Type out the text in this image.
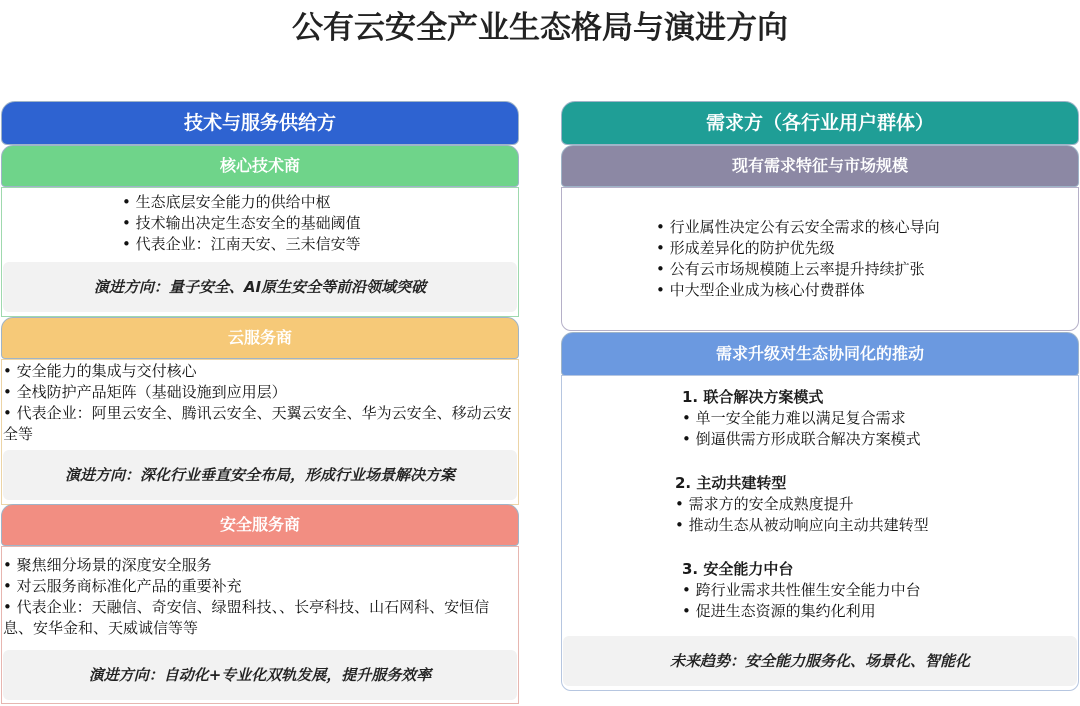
公有云安全产业生态格局与演进方向
技术与服务供给方
核心技术商
• 生态底层安全能力的供给中枢
• 技术输出决定生态安全的基础阈值
• 代表企业：江南天安、三未信安等
演进方向：量子安全、AI原生安全等前沿领域突破
云服务商
• 安全能力的集成与交付核心
• 全栈防护产品矩阵（基础设施到应用层）
• 代表企业：阿里云安全、腾讯云安全、天翼云安全、华为云安全、移动云安全等
演进方向：深化行业垂直安全布局，形成行业场景解决方案
安全服务商
• 聚焦细分场景的深度安全服务
• 对云服务商标准化产品的重要补充
• 代表企业：天融信、奇安信、绿盟科技、、长亭科技、山石网科、安恒信息、安华金和、天威诚信等等
演进方向：自动化+专业化双轨发展，提升服务效率
需求方（各行业用户群体）
现有需求特征与市场规模
• 行业属性决定公有云安全需求的核心导向
• 形成差异化的防护优先级
• 公有云市场规模随上云率提升持续扩张
• 中大型企业成为核心付费群体
需求升级对生态协同化的推动
1. 联合解决方案模式
• 单一安全能力难以满足复合需求
• 倒逼供需方形成联合解决方案模式
2. 主动共建转型
• 需求方的安全成熟度提升
• 推动生态从被动响应向主动共建转型
3. 安全能力中台
• 跨行业需求共性催生安全能力中台
• 促进生态资源的集约化利用
未来趋势：安全能力服务化、场景化、智能化
